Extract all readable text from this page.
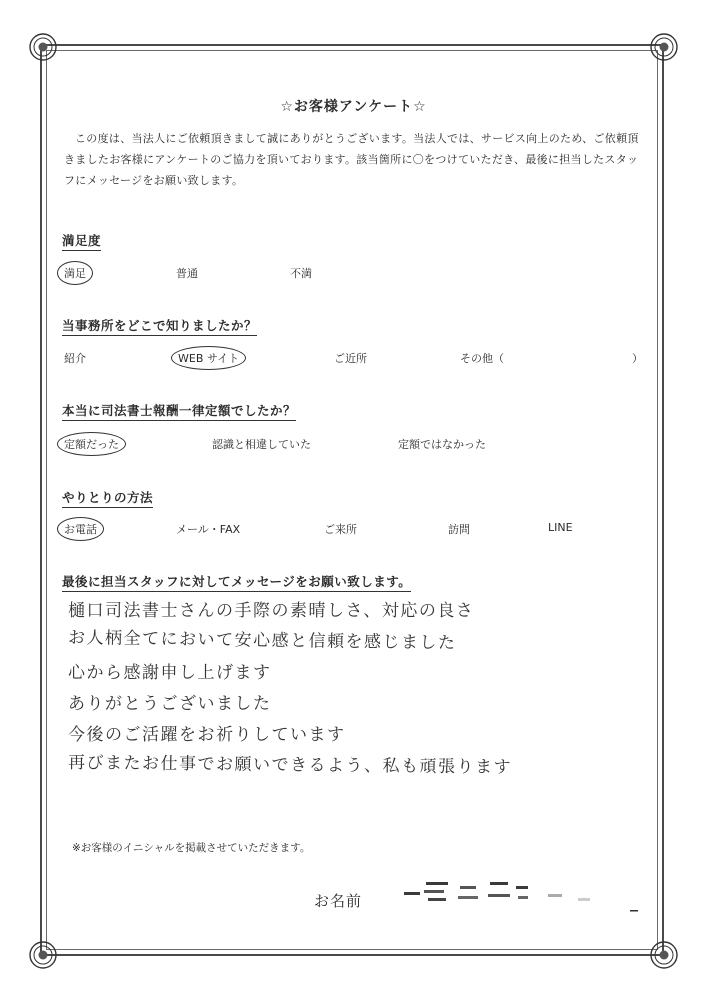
☆お客様アンケート☆
この度は、当法人にご依頼頂きまして誠にありがとうございます。当法人では、サービス向上のため、ご依頼頂きましたお客様にアンケートのご協力を頂いております。該当箇所に〇をつけていただき、最後に担当したスタッフにメッセージをお願い致します。
満足度
満足	普通	不満
当事務所をどこで知りましたか？
紹介	WEB サイト	ご近所	その他（	）
本当に司法書士報酬一律定額でしたか？
定額だった	認識と相違していた	定額ではなかった
やりとりの方法
お電話	メール・FAX	ご来所	訪問	LINE
最後に担当スタッフに対してメッセージをお願い致します。
樋口司法書士さんの手際の素晴しさ、対応の良さ
お人柄全てにおいて安心感と信頼を感じました
心から感謝申し上げます
ありがとうございました
今後のご活躍をお祈りしています
再びまたお仕事でお願いできるよう、私も頑張ります
※お客様のイニシャルを掲載させていただきます。
お名前
